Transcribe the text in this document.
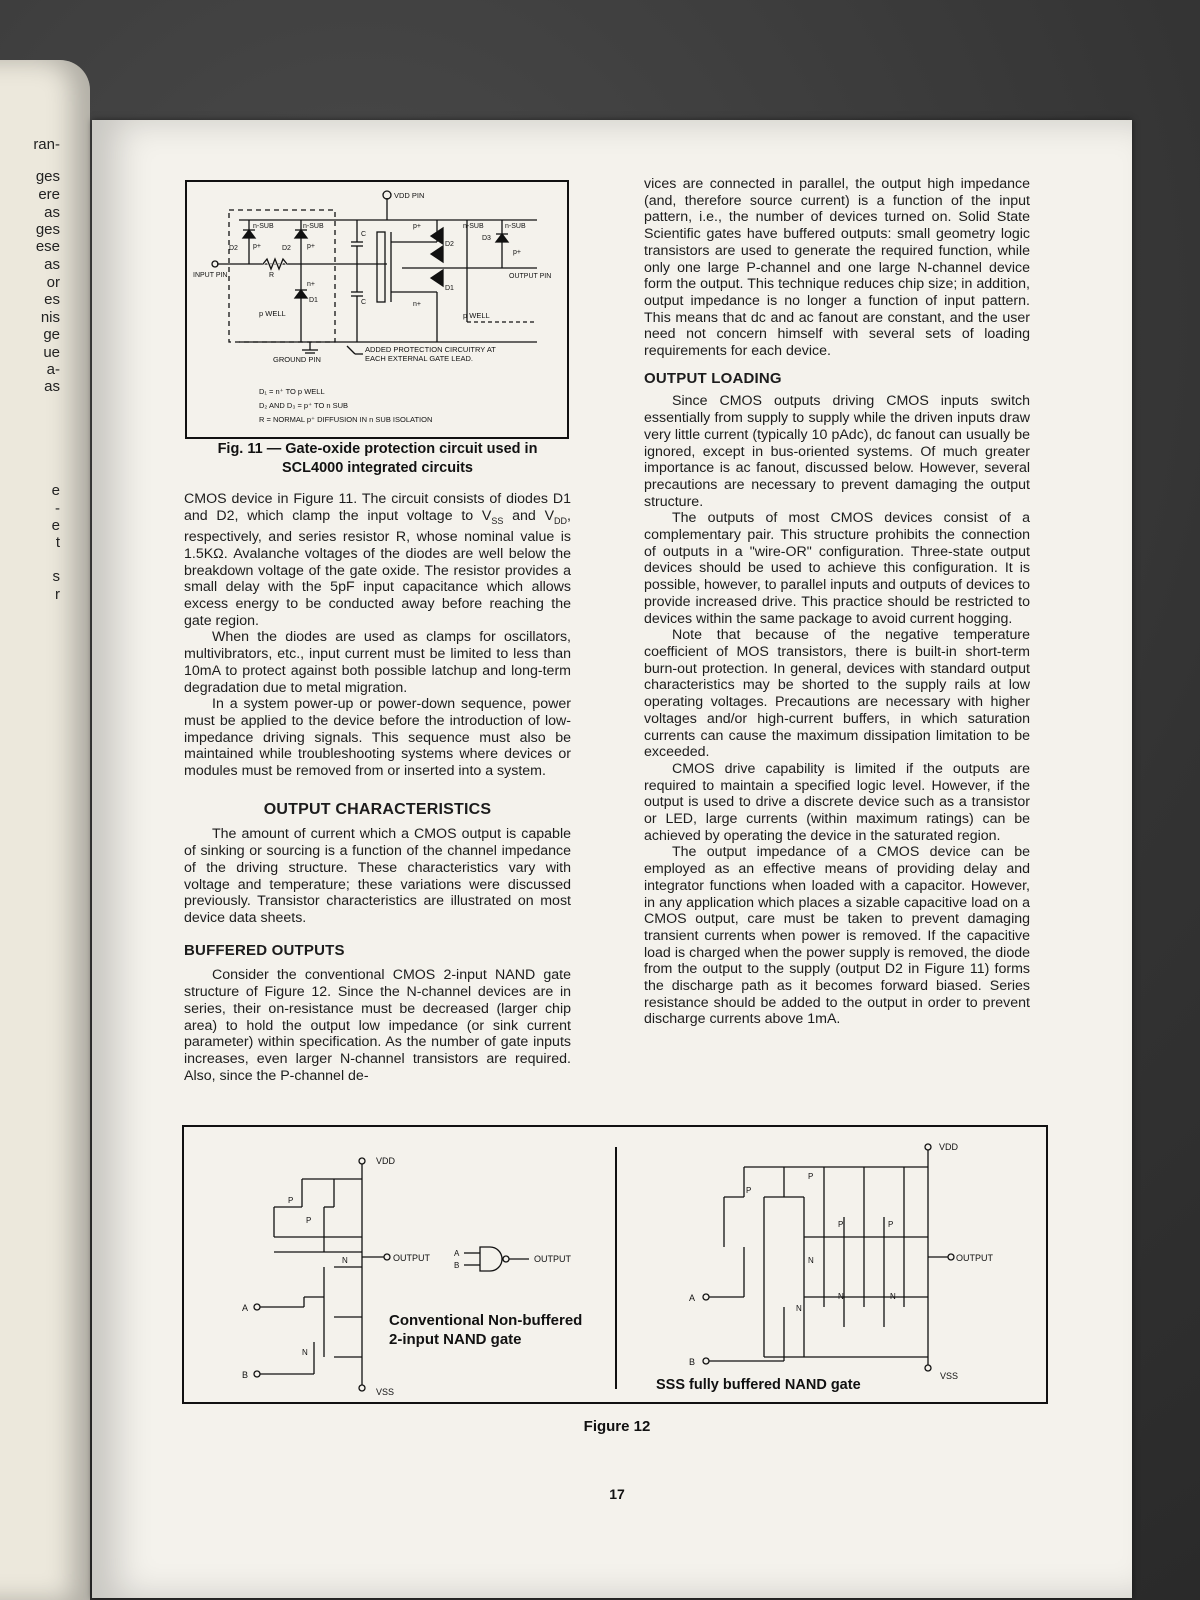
ran-
ges
ere
as
ges
ese
as
or
es
nis
ge
ue
a-
as
e
-
e
t
s
r
VDD PIN
INPUT PIN	OUTPUT PIN
GROUND PIN
n-SUB	n-SUB	n-SUB	n-SUB
p+	p+
p+
p+
n+
n+
p WELL	p WELL
D1
D1
D2	D2
D2
D3
R
C
C
ADDED PROTECTION CIRCUITRY AT
EACH EXTERNAL GATE LEAD.
D₁ = n⁺ TO p WELL
D₂ AND D₃ = p⁺ TO n SUB
R = NORMAL p⁺ DIFFUSION IN n SUB ISOLATION
Fig. 11 — Gate-oxide protection circuit used in
SCL4000 integrated circuits

CMOS device in Figure 11. The circuit consists of diodes D1 and D2, which clamp the input voltage to $V_{SS}$ and $V_{DD}$, respectively, and series resistor R, whose nominal value is 1.5KΩ. Avalanche voltages of the diodes are well below the breakdown voltage of the gate oxide. The resistor provides a small delay with the 5pF input capacitance which allows excess energy to be conducted away before reaching the gate region.

When the diodes are used as clamps for oscillators, multivibrators, etc., input current must be limited to less than 10mA to protect against both possible latchup and long-term degradation due to metal migration.

In a system power-up or power-down sequence, power must be applied to the device before the introduction of low-impedance driving signals. This sequence must also be maintained while troubleshooting systems where devices or modules must be removed from or inserted into a system.

OUTPUT CHARACTERISTICS

The amount of current which a CMOS output is capable of sinking or sourcing is a function of the channel impedance of the driving structure. These characteristics vary with voltage and temperature; these variations were discussed previously. Transistor characteristics are illustrated on most device data sheets.

BUFFERED OUTPUTS

Consider the conventional CMOS 2-input NAND gate structure of Figure 12. Since the N-channel devices are in series, their on-resistance must be decreased (larger chip area) to hold the output low impedance (or sink current parameter) within specification. As the number of gate inputs increases, even larger N-channel transistors are required. Also, since the P-channel de-

vices are connected in parallel, the output high impedance (and, therefore source current) is a function of the input pattern, i.e., the number of devices turned on. Solid State Scientific gates have buffered outputs: small geometry logic transistors are used to generate the required function, while only one large P-channel and one large N-channel device form the output. This technique reduces chip size; in addition, output impedance is no longer a function of input pattern. This means that dc and ac fanout are constant, and the user need not concern himself with several sets of loading requirements for each device.

OUTPUT LOADING

Since CMOS outputs driving CMOS inputs switch essentially from supply to supply while the driven inputs draw very little current (typically 10 pAdc), dc fanout can usually be ignored, except in bus-oriented systems. Of much greater importance is ac fanout, discussed below. However, several precautions are necessary to prevent damaging the output structure.

The outputs of most CMOS devices consist of a complementary pair. This structure prohibits the connection of outputs in a "wire-OR" configuration. Three-state output devices should be used to achieve this configuration. It is possible, however, to parallel inputs and outputs of devices to provide increased drive. This practice should be restricted to devices within the same package to avoid current hogging.

Note that because of the negative temperature coefficient of MOS transistors, there is built-in short-term burn-out protection. In general, devices with standard output characteristics may be shorted to the supply rails at low operating voltages. Precautions are necessary with higher voltages and/or high-current buffers, in which saturation currents can cause the maximum dissipation limitation to be exceeded.

CMOS drive capability is limited if the outputs are required to maintain a specified logic level. However, if the output is used to drive a discrete device such as a transistor or LED, large currents (within maximum ratings) can be achieved by operating the device in the saturated region.

The output impedance of a CMOS device can be employed as an effective means of providing delay and integrator functions when loaded with a capacitor. However, in any application which places a sizable capacitive load on a CMOS output, care must be taken to prevent damaging transient currents when power is removed. If the capacitive load is charged when the power supply is removed, the diode from the output to the supply (output D2 in Figure 11) forms the discharge path as it becomes forward biased. Series resistance should be added to the output in order to prevent discharge currents above 1mA.

VDD
VSS
OUTPUT
A
B
P
P
N
N
A
B
OUTPUT
Conventional Non-buffered
2-input NAND gate
VDD
VSS
OUTPUT
A
B
P
P
P	P
N
N
N	N
SSS fully buffered NAND gate
Figure 12
17
